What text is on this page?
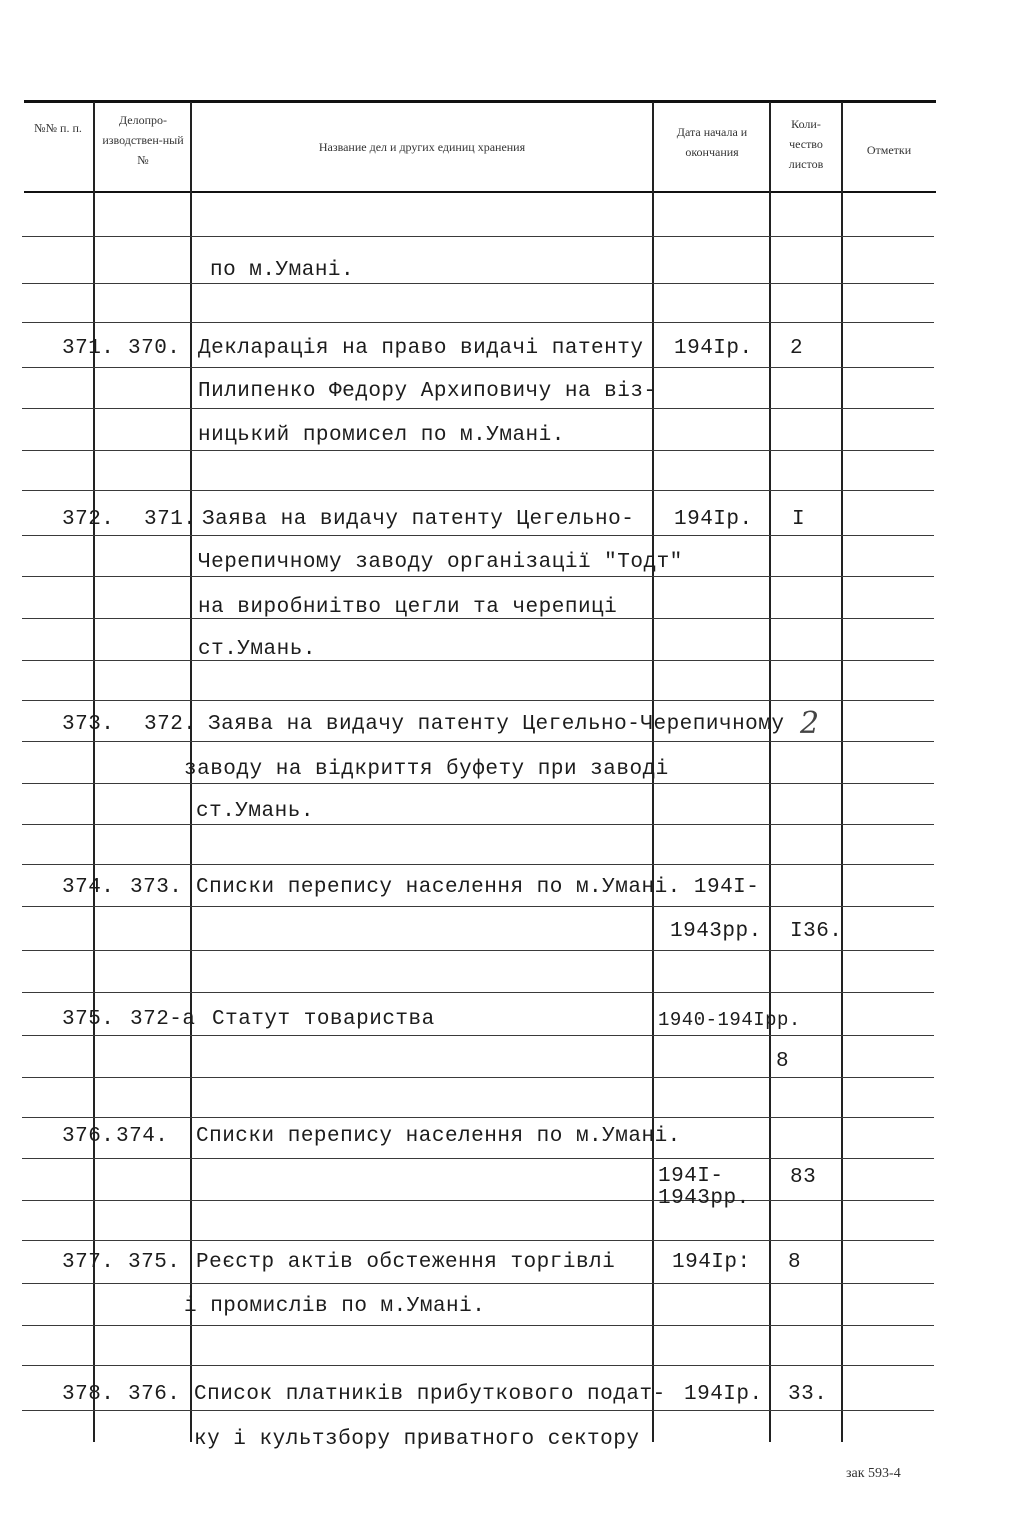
№№ п. п.
Делопро-изводствен-ный №
Название дел и других единиц хранения
Дата начала и окончания
Коли-чество листов
Отметки
по м.Умані.
371. 370. Декларація на право видачі патенту
Пилипенко Федору Архиповичу на віз-
ницький промисел по м.Умані.
194Iр. 2
372. 371. Заява на видачу патенту Цегельно-
Черепичному заводу організації "Тодт"
на виробниітво цегли та черепиці
ст.Умань.
194Iр. I
373. 372. Заява на видачу патенту Цегельно-Черепичному
заводу на відкриття буфету при заводі
ст.Умань.
2
374. 373. Списки перепису населення по м.Умані. 194I-
1943рр. I36.
375. 372-а Статут товариства	1940-194Iрр.
8
376. 374. Списки перепису населення по м.Умані.
194I-1943рр.
83
377. 375. Реєстр актів обстеження торгівлі
і промислів по м.Умані.
194Iр: 8
378. 376. Список платників прибуткового подат-
ку і культзбору приватного сектору
194Iр. 33.
зак 593-4
